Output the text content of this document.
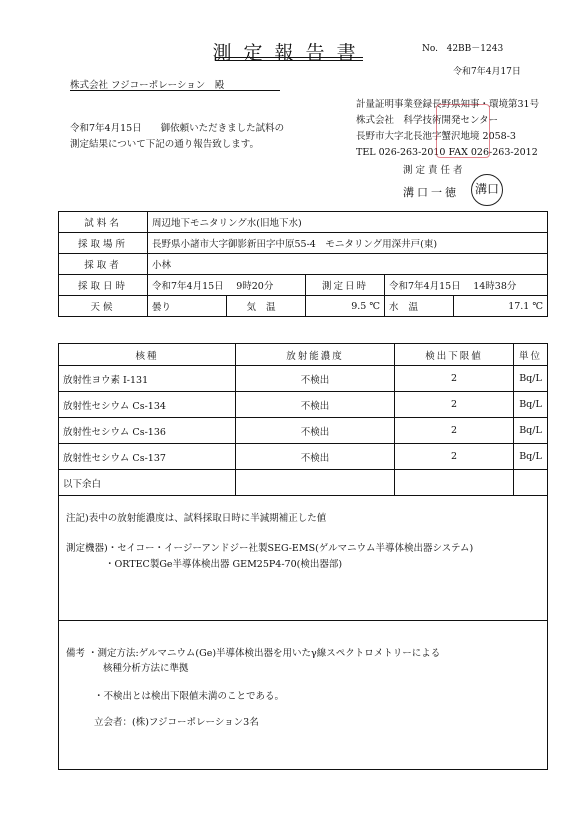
測定報告書	No. 42BB－1243
令和7年4月17日
株式会社 フジコーポレーション　殿
令和7年4月15日　　御依頼いただきました試料の
測定結果について下記の通り報告致します。
計量証明事業登録長野県知事・環境第31号
株式会社　科学技術開発センター
長野市大字北長池字蟹沢地境 2058-3
TEL 026-263-2010 FAX 026-263-2012
測定責任者
溝口一徳	溝口
試料名	周辺地下モニタリング水(旧地下水)				
採取場所	長野県小諸市大字御影新田字中原55-4　モニタリング用深井戸(東)				
採取者	小林				
採取日時	令和7年4月15日　 9時20分		測定日時	令和7年4月15日　 14時38分	
天候	曇り	気温	9.5 ℃	水温	17.1 ℃
核種	放射能濃度	検出下限値	単位
放射性ヨウ素 I-131	不検出	2	Bq/L
放射性セシウム Cs-134	不検出	2	Bq/L
放射性セシウム Cs-136	不検出	2	Bq/L
放射性セシウム Cs-137	不検出	2	Bq/L
以下余白			
注記)表中の放射能濃度は、試料採取日時に半減期補正した値
測定機器)・セイコー・イージーアンドジー社製SEG-EMS(ゲルマニウム半導体検出器システム)
・ORTEC製Ge半導体検出器 GEM25P4-70(検出器部)
備考 ・測定方法:ゲルマニウム(Ge)半導体検出器を用いたγ線スペクトロメトリーによる
核種分析方法に準拠
・不検出とは検出下限値未満のことである。
立会者：(株)フジコーポレーション3名
